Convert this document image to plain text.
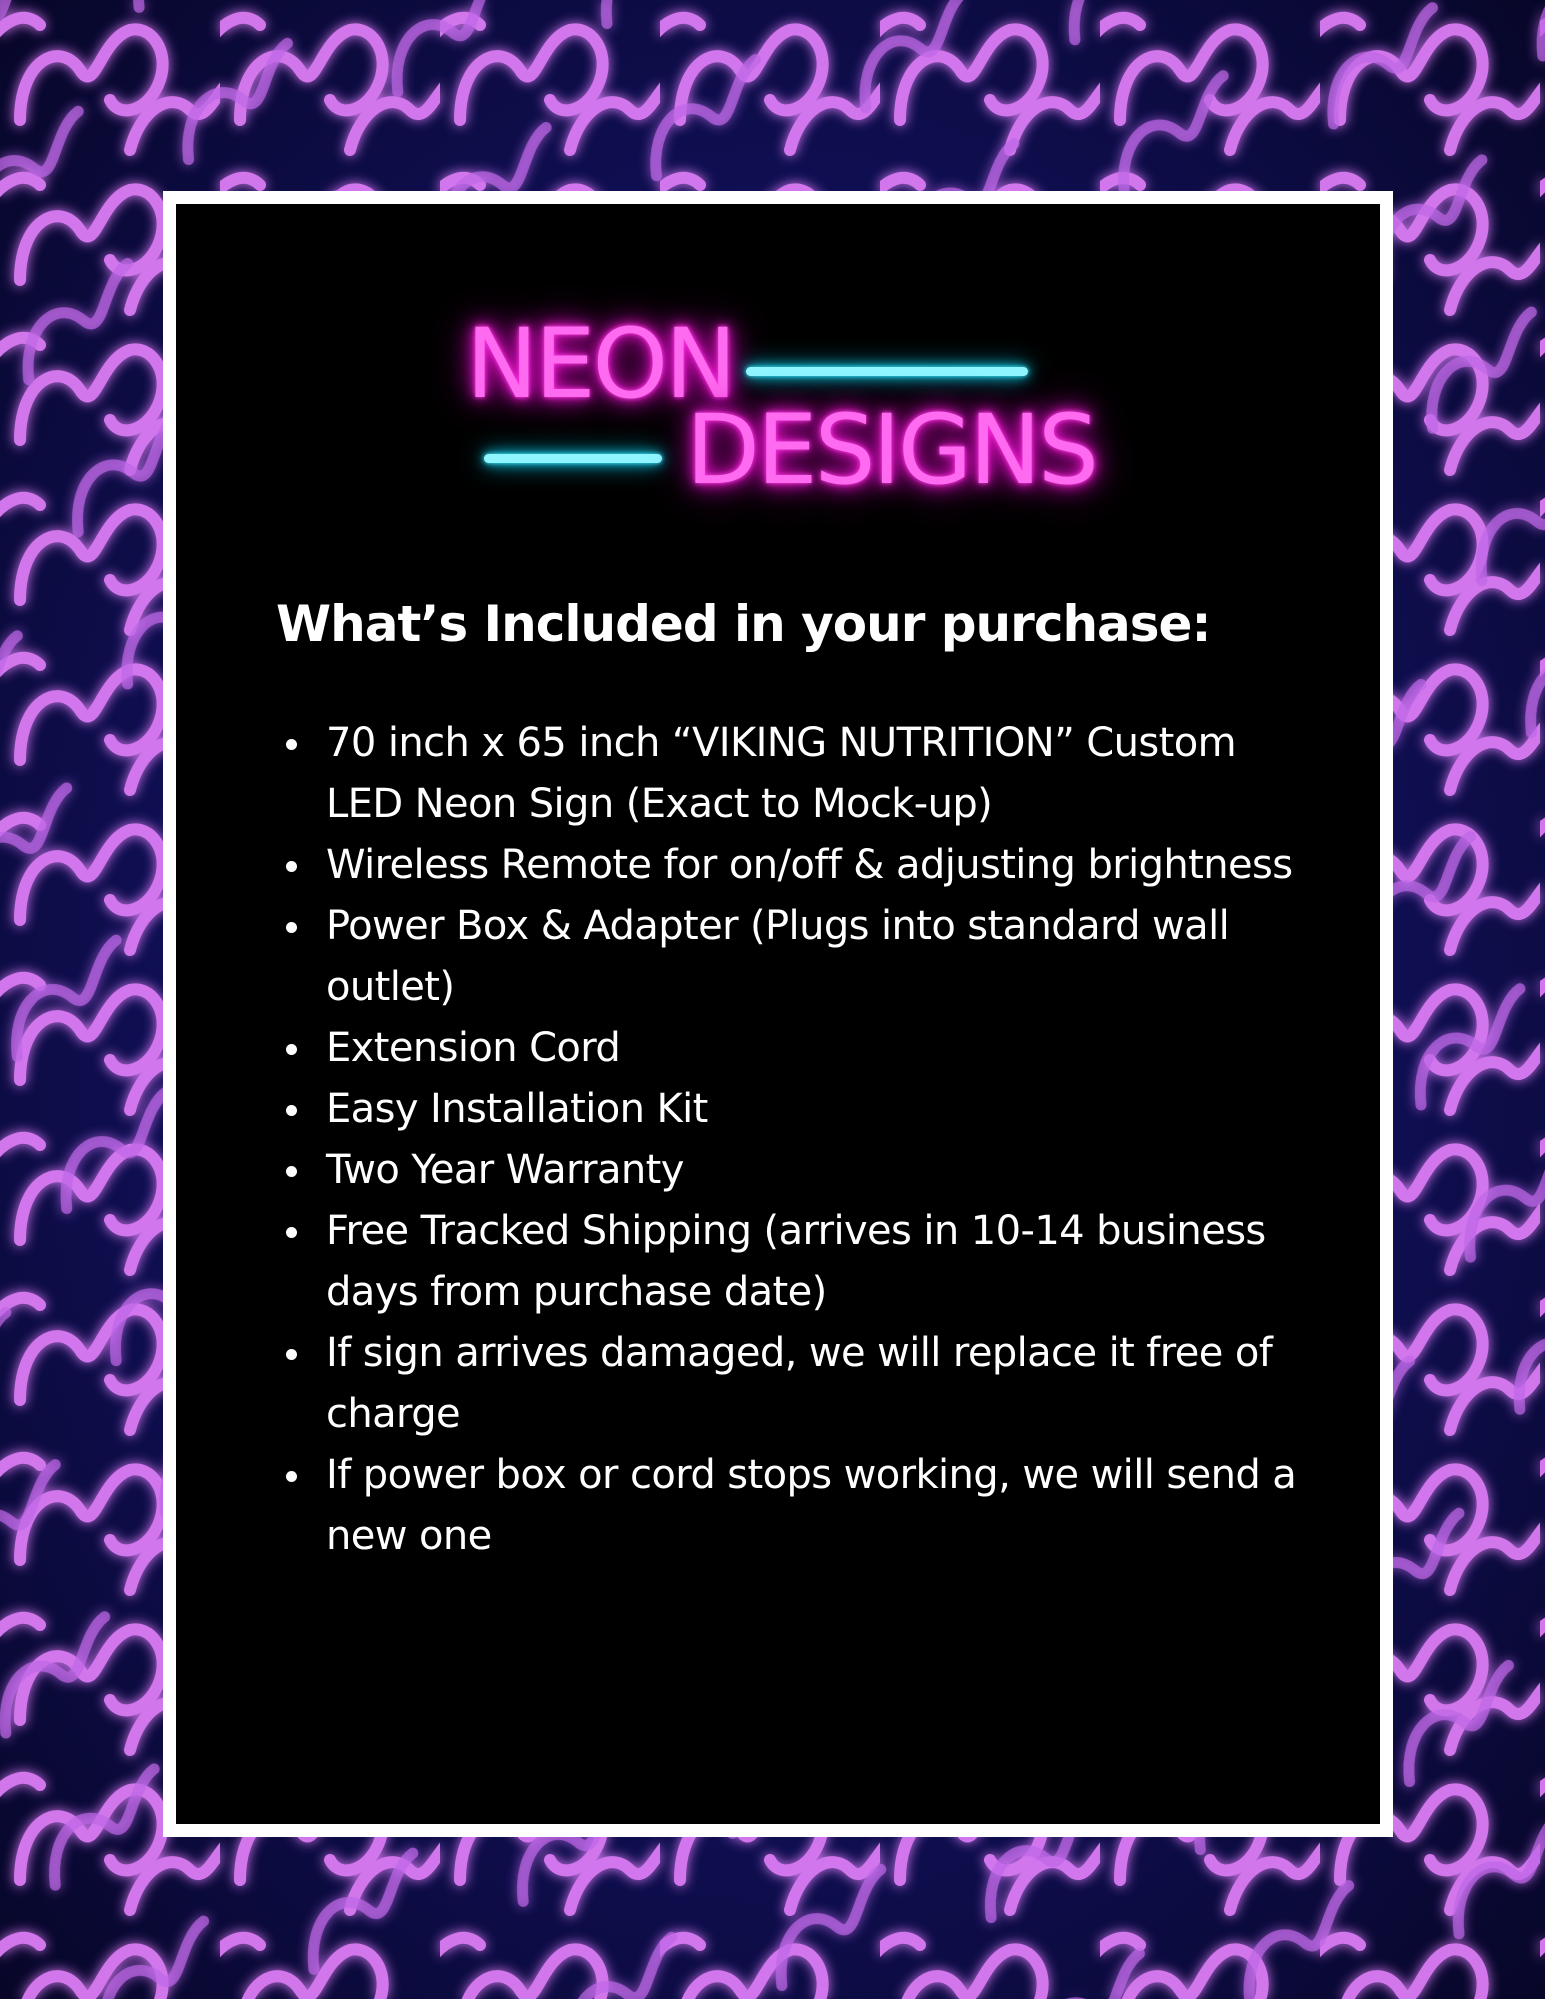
NEON
DESIGNS
What’s Included in your purchase:
70 inch x 65 inch “VIKING NUTRITION” Custom LED Neon Sign (Exact to Mock-up)
Wireless Remote for on/off & adjusting brightness
Power Box & Adapter (Plugs into standard wall outlet)
Extension Cord
Easy Installation Kit
Two Year Warranty
Free Tracked Shipping (arrives in 10-14 business days from purchase date)
If sign arrives damaged, we will replace it free of charge
If power box or cord stops working, we will send a new one
